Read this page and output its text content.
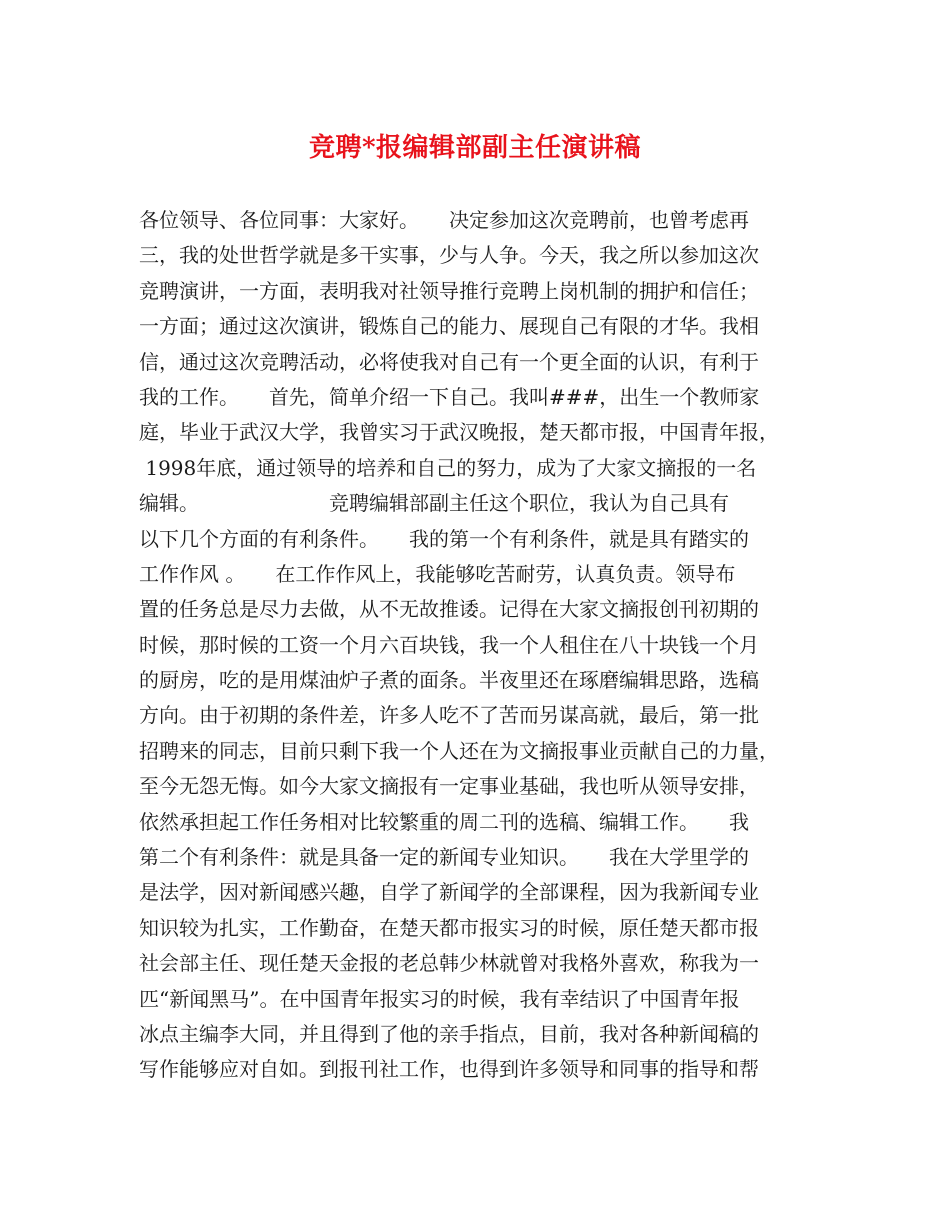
竞聘*报编辑部副主任演讲稿
各位领导、各位同事：大家好。　　决定参加这次竞聘前，也曾考虑再
三，我的处世哲学就是多干实事，少与人争。今天，我之所以参加这次
竞聘演讲，一方面，表明我对社领导推行竞聘上岗机制的拥护和信任；
一方面；通过这次演讲，锻炼自己的能力、展现自己有限的才华。我相
信，通过这次竞聘活动，必将使我对自己有一个更全面的认识，有利于
我的工作。　　首先，简单介绍一下自己。我叫###，出生一个教师家
庭，毕业于武汉大学，我曾实习于武汉晚报，楚天都市报，中国青年报，
1998年底，通过领导的培养和自己的努力，成为了大家文摘报的一名
编辑。　　　　　　　竞聘编辑部副主任这个职位，我认为自己具有
以下几个方面的有利条件。　　我的第一个有利条件，就是具有踏实的
工作作风 。　　在工作作风上，我能够吃苦耐劳，认真负责。领导布
置的任务总是尽力去做，从不无故推诿。记得在大家文摘报创刊初期的
时候，那时候的工资一个月六百块钱，我一个人租住在八十块钱一个月
的厨房，吃的是用煤油炉子煮的面条。半夜里还在琢磨编辑思路，选稿
方向。由于初期的条件差，许多人吃不了苦而另谋高就，最后，第一批
招聘来的同志，目前只剩下我一个人还在为文摘报事业贡献自己的力量，
至今无怨无悔。如今大家文摘报有一定事业基础，我也听从领导安排，
依然承担起工作任务相对比较繁重的周二刊的选稿、编辑工作。　　我
第二个有利条件：就是具备一定的新闻专业知识。　　我在大学里学的
是法学，因对新闻感兴趣，自学了新闻学的全部课程，因为我新闻专业
知识较为扎实，工作勤奋，在楚天都市报实习的时候，原任楚天都市报
社会部主任、现任楚天金报的老总韩少林就曾对我格外喜欢，称我为一
匹“新闻黑马”。在中国青年报实习的时候，我有幸结识了中国青年报
冰点主编李大同，并且得到了他的亲手指点，目前，我对各种新闻稿的
写作能够应对自如。到报刊社工作，也得到许多领导和同事的指导和帮
